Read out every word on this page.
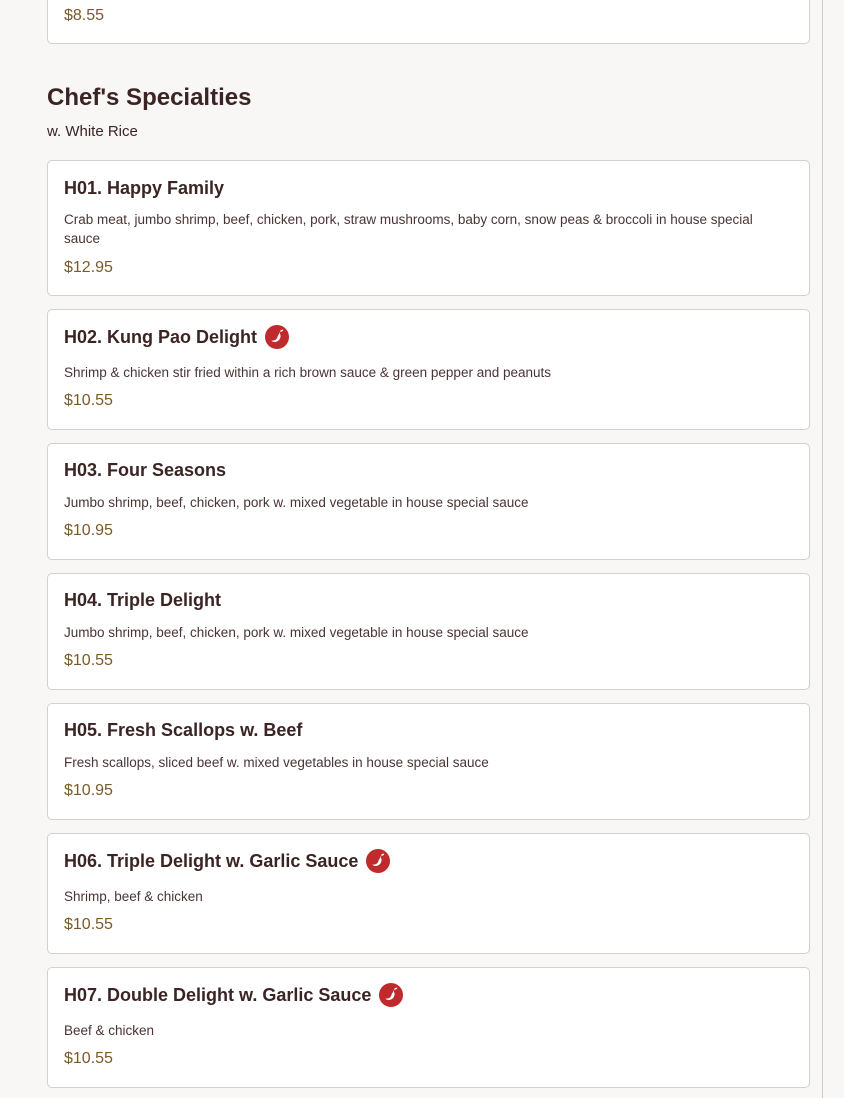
$8.55
Chef's Specialties
w. White Rice
H01. Happy Family
Crab meat, jumbo shrimp, beef, chicken, pork, straw mushrooms, baby corn, snow peas & broccoli in house special sauce
$12.95
H02. Kung Pao Delight
Shrimp & chicken stir fried within a rich brown sauce & green pepper and peanuts
$10.55
H03. Four Seasons
Jumbo shrimp, beef, chicken, pork w. mixed vegetable in house special sauce
$10.95
H04. Triple Delight
Jumbo shrimp, beef, chicken, pork w. mixed vegetable in house special sauce
$10.55
H05. Fresh Scallops w. Beef
Fresh scallops, sliced beef w. mixed vegetables in house special sauce
$10.95
H06. Triple Delight w. Garlic Sauce
Shrimp, beef & chicken
$10.55
H07. Double Delight w. Garlic Sauce
Beef & chicken
$10.55
